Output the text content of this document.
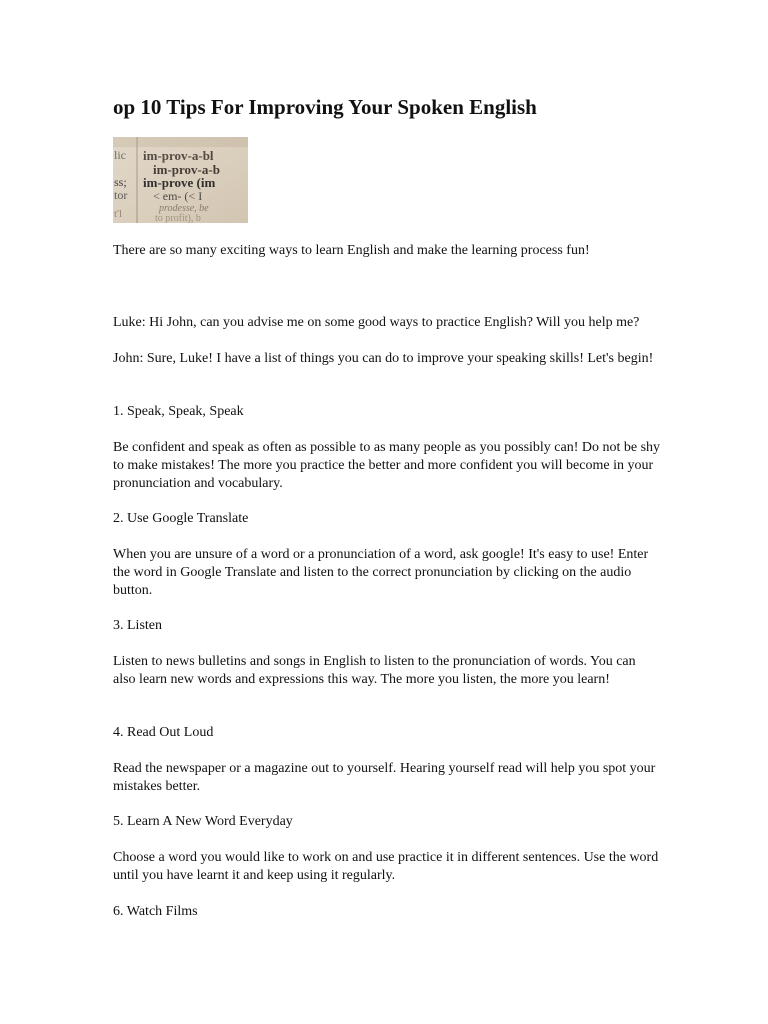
op 10 Tips For Improving Your Spoken English

There are so many exciting ways to learn English and make the learning process fun!

Luke: Hi John, can you advise me on some good ways to practice English? Will you help me?

John: Sure, Luke! I have a list of things you can do to improve your speaking skills! Let's begin!

1. Speak, Speak, Speak

Be confident and speak as often as possible to as many people as you possibly can! Do not be shy to make mistakes! The more you practice the better and more confident you will become in your pronunciation and vocabulary.

2. Use Google Translate

When you are unsure of a word or a pronunciation of a word, ask google! It's easy to use! Enter the word in Google Translate and listen to the correct pronunciation by clicking on the audio button.

3. Listen

Listen to news bulletins and songs in English to listen to the pronunciation of words. You can also learn new words and expressions this way. The more you listen, the more you learn!

4. Read Out Loud

Read the newspaper or a magazine out to yourself. Hearing yourself read will help you spot your mistakes better.

5. Learn A New Word Everyday

Choose a word you would like to work on and use practice it in different sentences. Use the word until you have learnt it and keep using it regularly.

6. Watch Films
